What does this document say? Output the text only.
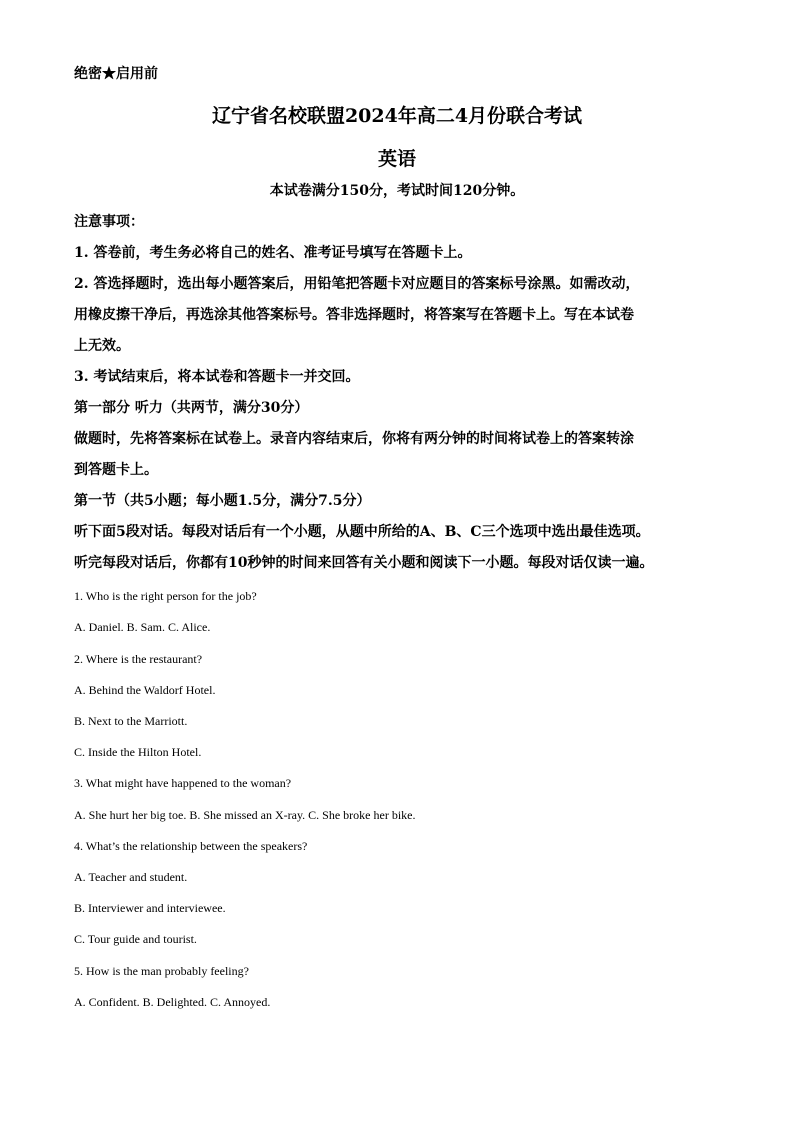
绝密★启用前
辽宁省名校联盟2024年高二4月份联合考试
英语
本试卷满分150分，考试时间120分钟。
注意事项：
1. 答卷前，考生务必将自己的姓名、准考证号填写在答题卡上。
2. 答选择题时，选出每小题答案后，用铅笔把答题卡对应题目的答案标号涂黑。如需改动，
用橡皮擦干净后，再选涂其他答案标号。答非选择题时，将答案写在答题卡上。写在本试卷
上无效。
3. 考试结束后，将本试卷和答题卡一并交回。
第一部分 听力（共两节，满分30分）
做题时，先将答案标在试卷上。录音内容结束后，你将有两分钟的时间将试卷上的答案转涂
到答题卡上。
第一节（共5小题；每小题1.5分，满分7.5分）
听下面5段对话。每段对话后有一个小题，从题中所给的A、B、C三个选项中选出最佳选项。
听完每段对话后，你都有10秒钟的时间来回答有关小题和阅读下一小题。每段对话仅读一遍。
1. Who is the right person for the job?
A. Daniel. B. Sam. C. Alice.
2. Where is the restaurant?
A. Behind the Waldorf Hotel.
B. Next to the Marriott.
C. Inside the Hilton Hotel.
3. What might have happened to the woman?
A. She hurt her big toe. B. She missed an X-ray. C. She broke her bike.
4. What’s the relationship between the speakers?
A. Teacher and student.
B. Interviewer and interviewee.
C. Tour guide and tourist.
5. How is the man probably feeling?
A. Confident. B. Delighted. C. Annoyed.
